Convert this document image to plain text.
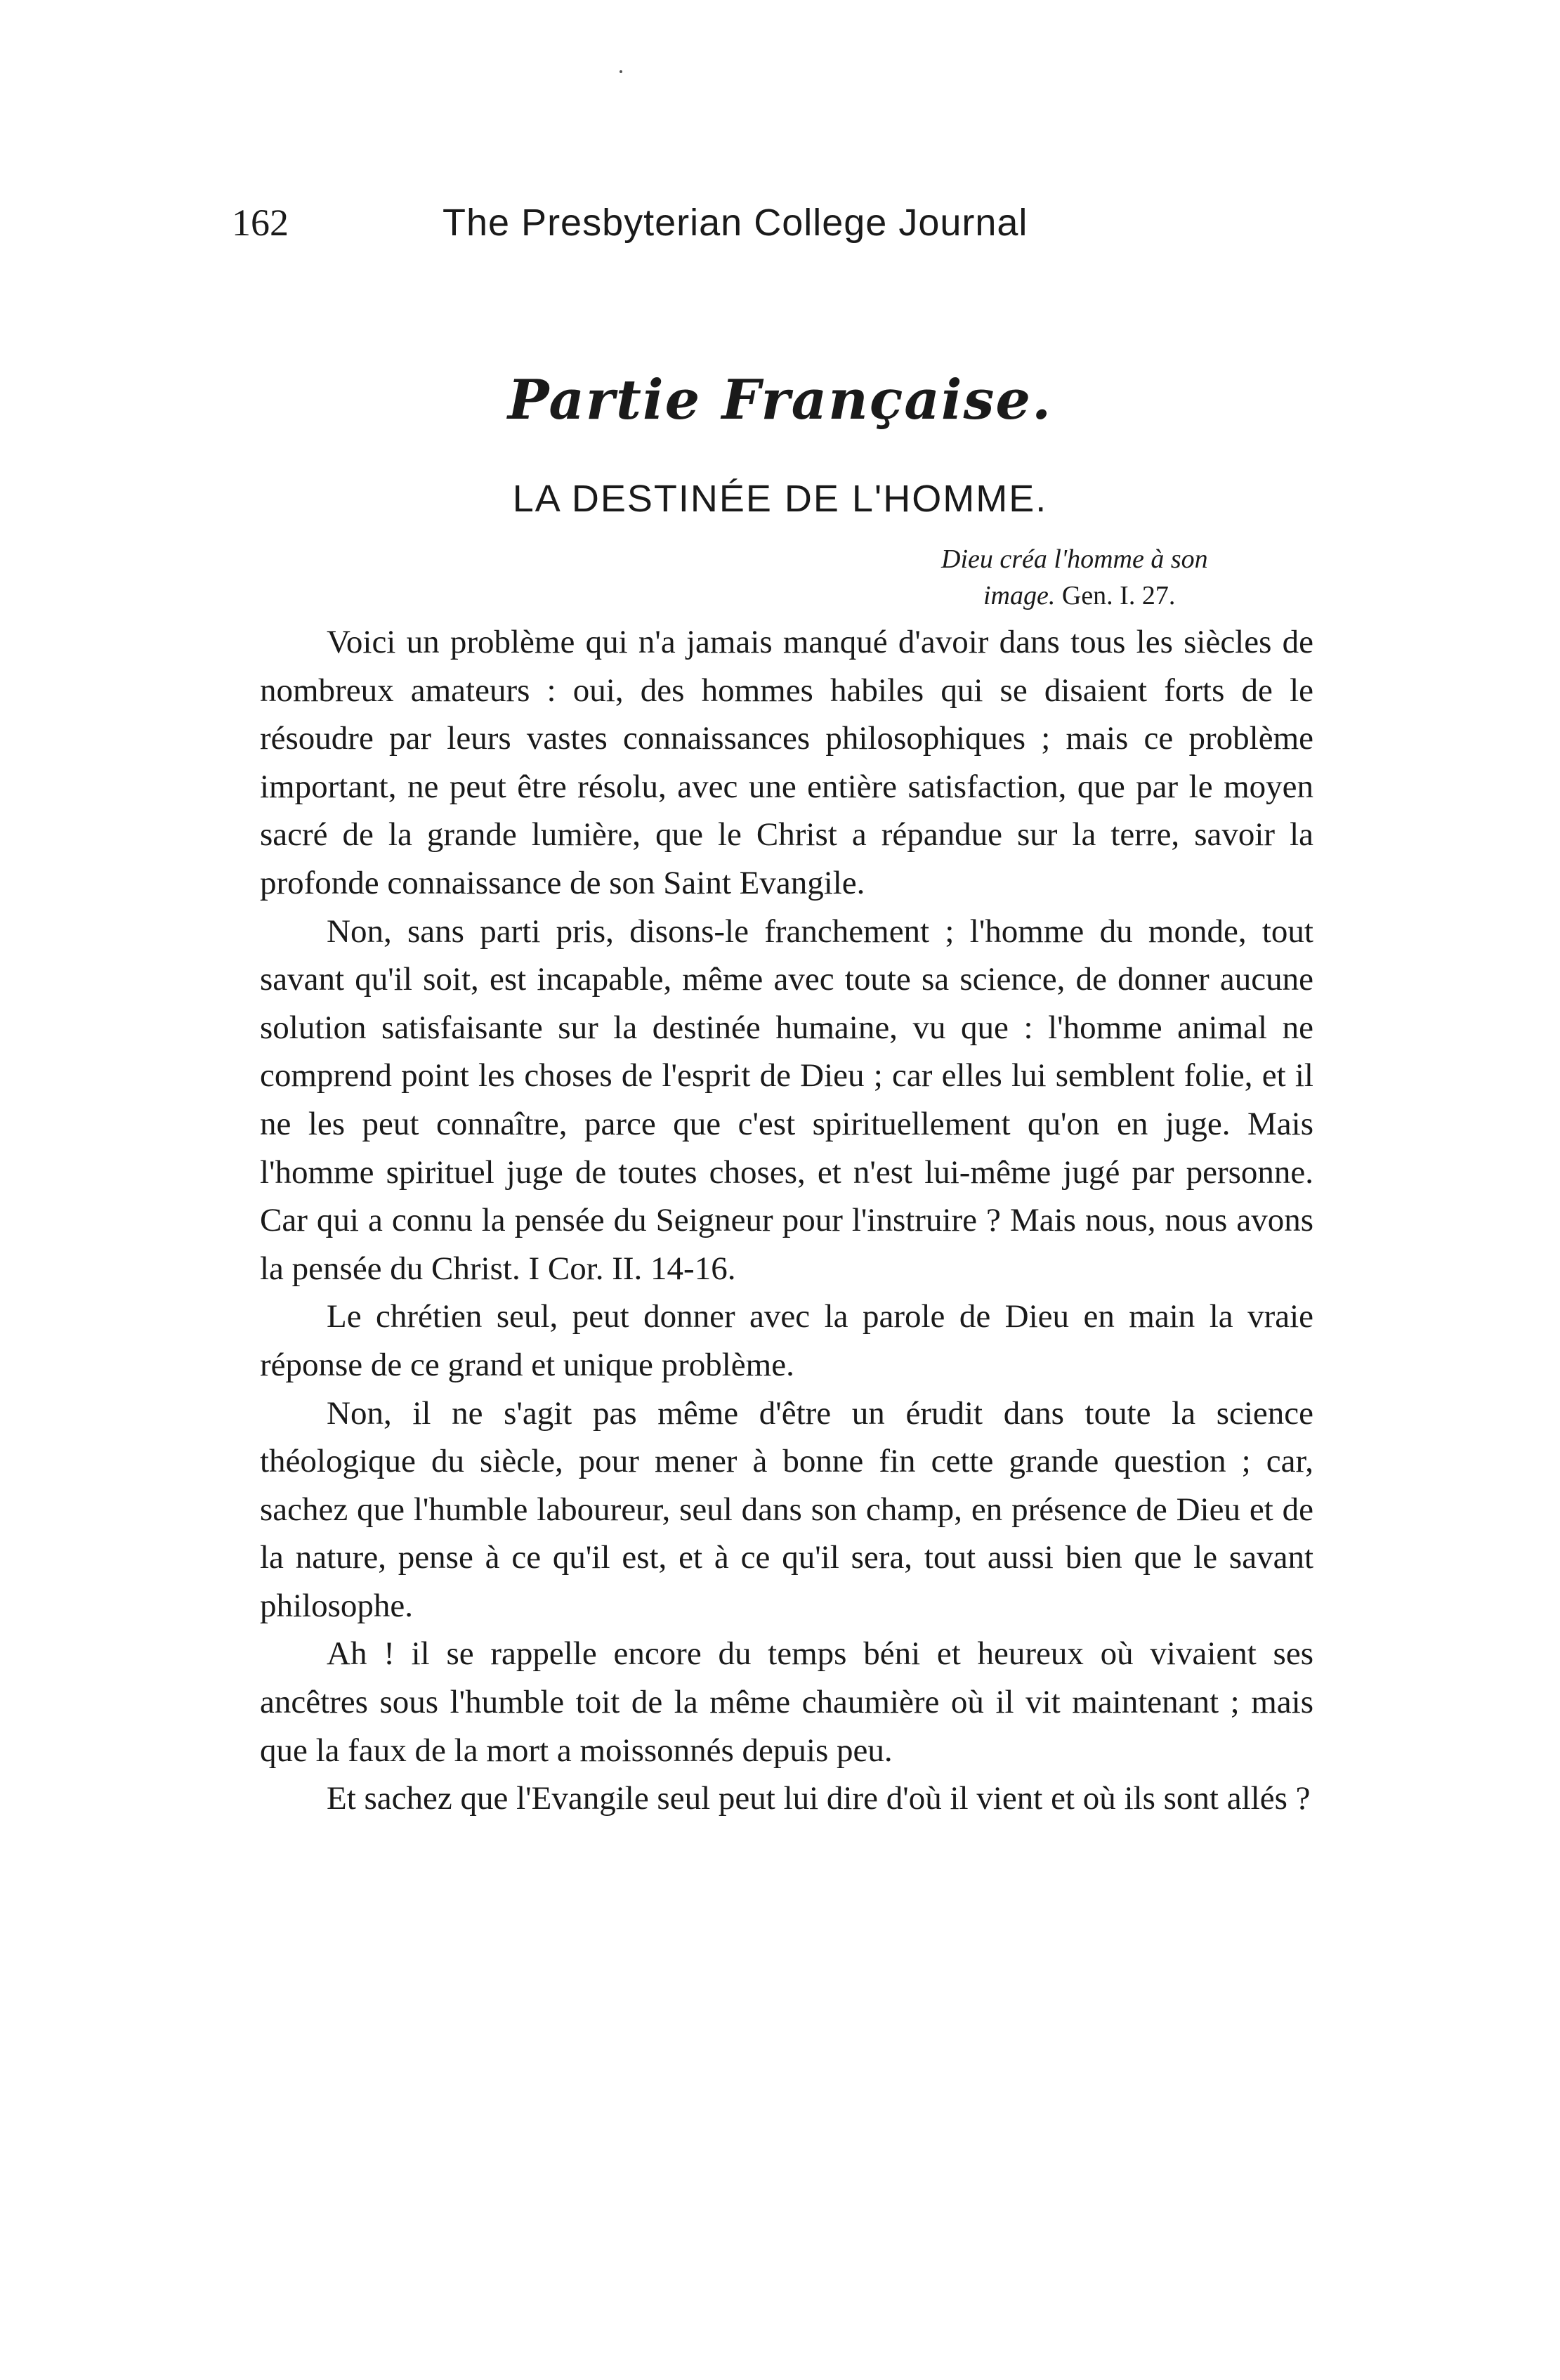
162	The Presbyterian College Journal
Partie Française.
LA DESTINÉE DE L'HOMME.
Dieu créa l'homme à son
image. Gen. I. 27.

Voici un problème qui n'a jamais manqué d'avoir dans tous les siècles de nombreux amateurs : oui, des hommes habiles qui se disaient forts de le résoudre par leurs vastes connaissances philosophiques ; mais ce problème important, ne peut être résolu, avec une entière satisfaction, que par le moyen sacré de la grande lumière, que le Christ a répandue sur la terre, savoir la profonde connaissance de son Saint Evangile.

Non, sans parti pris, disons-le franchement ; l'homme du monde, tout savant qu'il soit, est incapable, même avec toute sa science, de donner aucune solution satisfaisante sur la destinée humaine, vu que : l'homme animal ne comprend point les choses de l'esprit de Dieu ; car elles lui semblent folie, et il ne les peut connaître, parce que c'est spirituellement qu'on en juge. Mais l'homme spirituel juge de toutes choses, et n'est lui-même jugé par personne. Car qui a connu la pensée du Seigneur pour l'instruire ? Mais nous, nous avons la pensée du Christ. I Cor. II. 14-16.

Le chrétien seul, peut donner avec la parole de Dieu en main la vraie réponse de ce grand et unique problème.

Non, il ne s'agit pas même d'être un érudit dans toute la science théologique du siècle, pour mener à bonne fin cette grande question ; car, sachez que l'humble laboureur, seul dans son champ, en présence de Dieu et de la nature, pense à ce qu'il est, et à ce qu'il sera, tout aussi bien que le savant philosophe.

Ah ! il se rappelle encore du temps béni et heureux où vivaient ses ancêtres sous l'humble toit de la même chaumière où il vit maintenant ; mais que la faux de la mort a moissonnés depuis peu.

Et sachez que l'Evangile seul peut lui dire d'où il vient et où ils sont allés ?
